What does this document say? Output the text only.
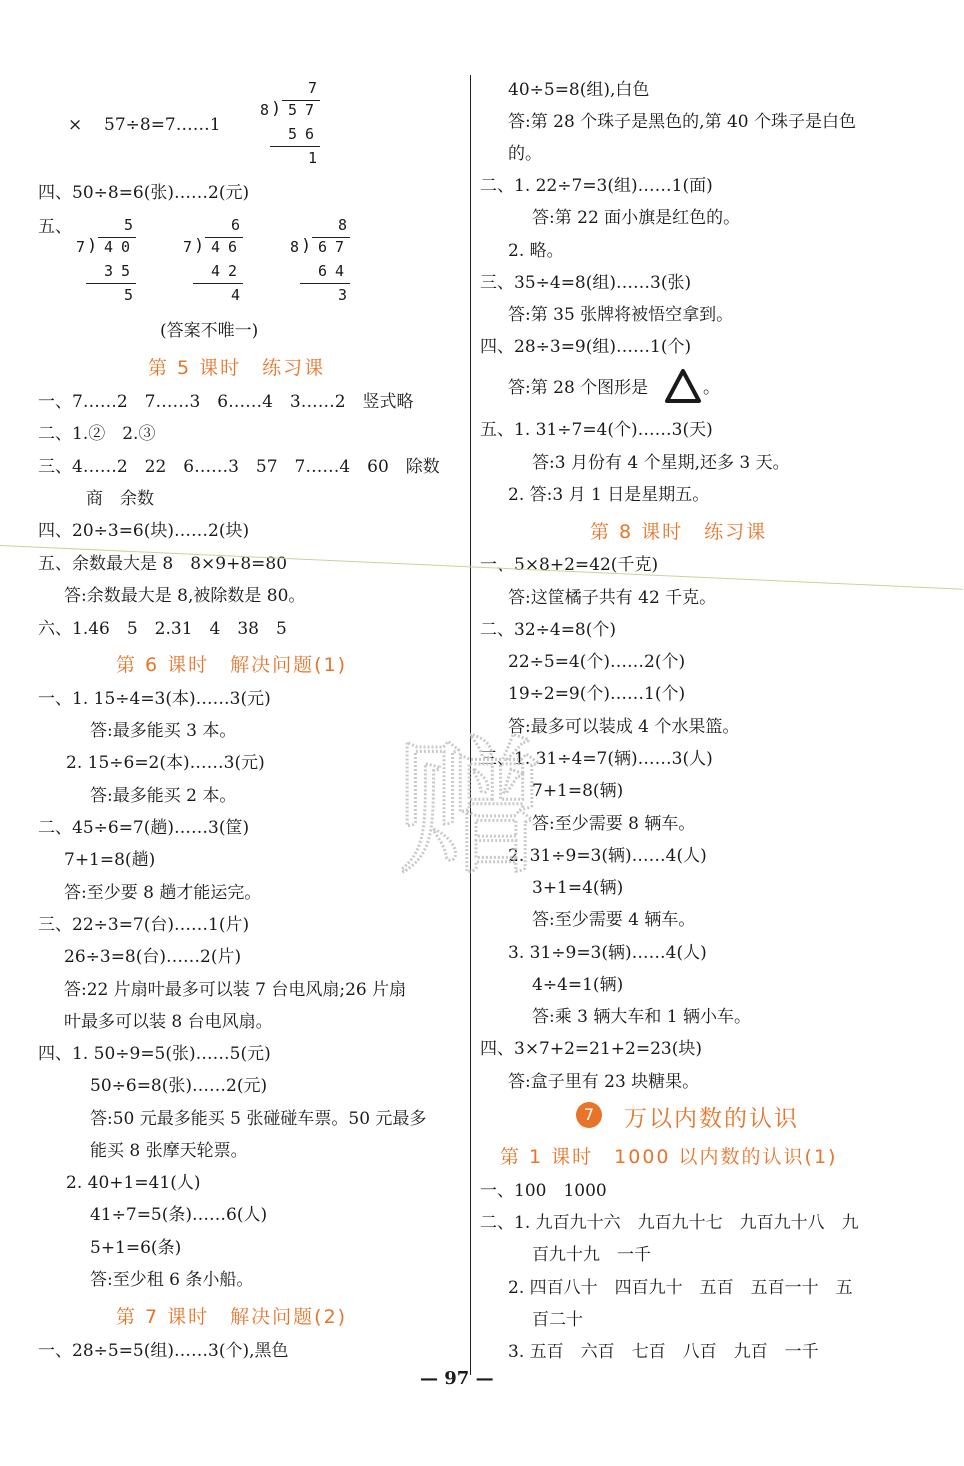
× 57÷8=7……1
7
8 ) 57
56
1
四、50÷8=6(张)……2(元)
五、	5
7 ) 40
35
5
6
7 ) 46
42
4
8
8 ) 67
64
3
(答案不唯一)
第 5 课时　练习课
一、7……2　7……3　6……4　3……2　竖式略
二、1.②　2.③
三、4……2　22　6……3　57　7……4　60　除数
商　余数
四、20÷3=6(块)……2(块)
五、余数最大是 8　8×9+8=80
答:余数最大是 8,被除数是 80。
六、1.46　5　2.31　4　38　5
第 6 课时　解决问题(1)
一、1. 15÷4=3(本)……3(元)
答:最多能买 3 本。
2. 15÷6=2(本)……3(元)
答:最多能买 2 本。
二、45÷6=7(趟)……3(筐)
7+1=8(趟)
答:至少要 8 趟才能运完。
三、22÷3=7(台)……1(片)
26÷3=8(台)……2(片)
答:22 片扇叶最多可以装 7 台电风扇;26 片扇
叶最多可以装 8 台电风扇。
四、1. 50÷9=5(张)……5(元)
50÷6=8(张)……2(元)
答:50 元最多能买 5 张碰碰车票。50 元最多
能买 8 张摩天轮票。
2. 40+1=41(人)
41÷7=5(条)……6(人)
5+1=6(条)
答:至少租 6 条小船。
第 7 课时　解决问题(2)
一、28÷5=5(组)……3(个),黑色
40÷5=8(组),白色
答:第 28 个珠子是黑色的,第 40 个珠子是白色
的。
二、1. 22÷7=3(组)……1(面)
答:第 22 面小旗是红色的。
2. 略。
三、35÷4=8(组)……3(张)
答:第 35 张牌将被悟空拿到。
四、28÷3=9(组)……1(个)
答:第 28 个图形是	。
五、1. 31÷7=4(个)……3(天)
答:3 月份有 4 个星期,还多 3 天。
2. 答:3 月 1 日是星期五。
第 8 课时　练习课
一、5×8+2=42(千克)
答:这筐橘子共有 42 千克。
二、32÷4=8(个)
22÷5=4(个)……2(个)
19÷2=9(个)……1(个)
答:最多可以装成 4 个水果篮。
三、1. 31÷4=7(辆)……3(人)
7+1=8(辆)
答:至少需要 8 辆车。
2. 31÷9=3(辆)……4(人)
3+1=4(辆)
答:至少需要 4 辆车。
3. 31÷9=3(辆)……4(人)
4÷4=1(辆)
答:乘 3 辆大车和 1 辆小车。
四、3×7+2=21+2=23(块)
答:盒子里有 23 块糖果。
7	万以内数的认识
第 1 课时　1000 以内数的认识(1)
一、100　1000
二、1. 九百九十六　九百九十七　九百九十八　九
百九十九　一千
2. 四百八十　四百九十　五百　五百一十　五
百二十
3. 五百　六百　七百　八百　九百　一千
赠
— 97 —
